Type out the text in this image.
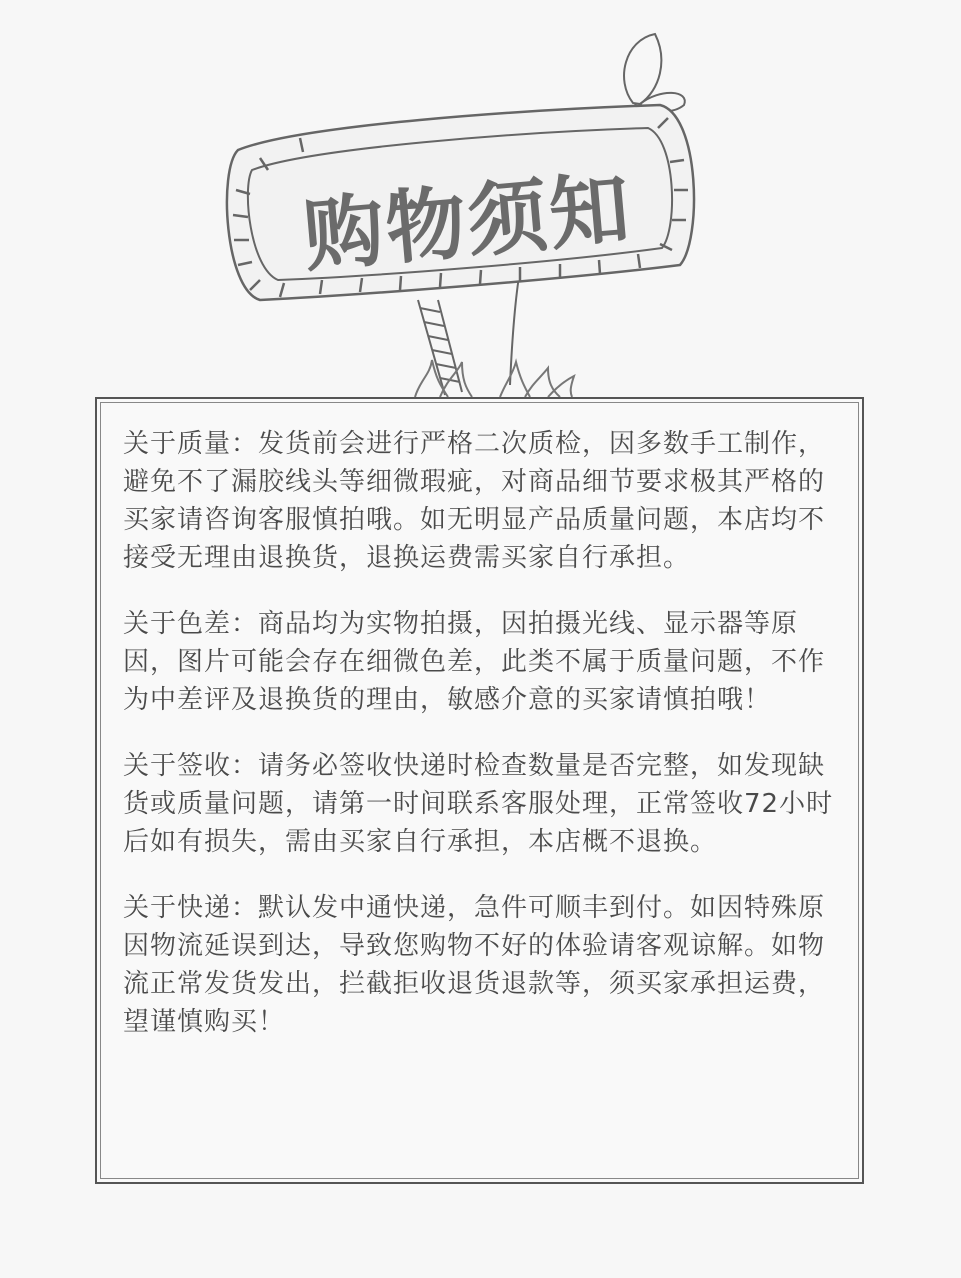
购物须知

关于质量：发货前会进行严格二次质检，因多数手工制作，避免不了漏胶线头等细微瑕疵，对商品细节要求极其严格的买家请咨询客服慎拍哦。如无明显产品质量问题，本店均不接受无理由退换货，退换运费需买家自行承担。

关于色差：商品均为实物拍摄，因拍摄光线、显示器等原因，图片可能会存在细微色差，此类不属于质量问题，不作为中差评及退换货的理由，敏感介意的买家请慎拍哦！

关于签收：请务必签收快递时检查数量是否完整，如发现缺货或质量问题，请第一时间联系客服处理，正常签收72小时后如有损失，需由买家自行承担，本店概不退换。

关于快递：默认发中通快递，急件可顺丰到付。如因特殊原因物流延误到达，导致您购物不好的体验请客观谅解。如物流正常发货发出，拦截拒收退货退款等，须买家承担运费，望谨慎购买！
